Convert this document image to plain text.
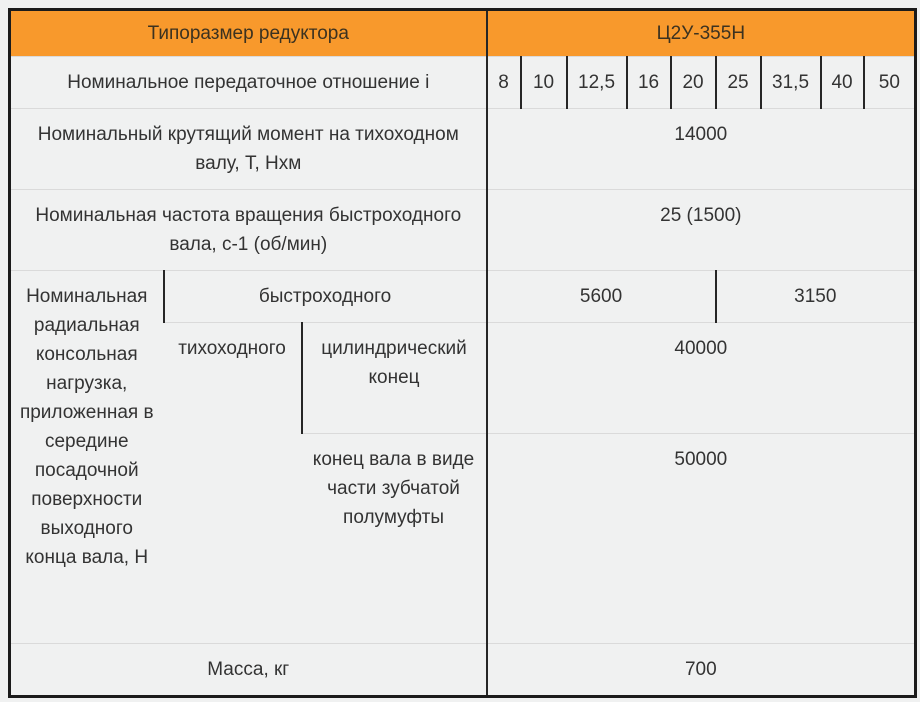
Типоразмер редуктора			Ц2У-355Н								
Номинальное передаточное отношение i			8	10	12,5	16	20	25	31,5	40	50
Номинальный крутящий момент на тихоходном валу, Т, Нхм			14000								
Номинальная частота вращения быстроходного вала, с-1 (об/мин)			25 (1500)								
Номинальная радиальная консольная нагрузка, приложенная в середине посадочной поверхности выходного конца вала, Н	быстроходного		5600					3150			
	тихоходного	цилиндрический конец	40000								
		конец вала в виде части зубчатой полумуфты	50000								
Масса, кг			700								
